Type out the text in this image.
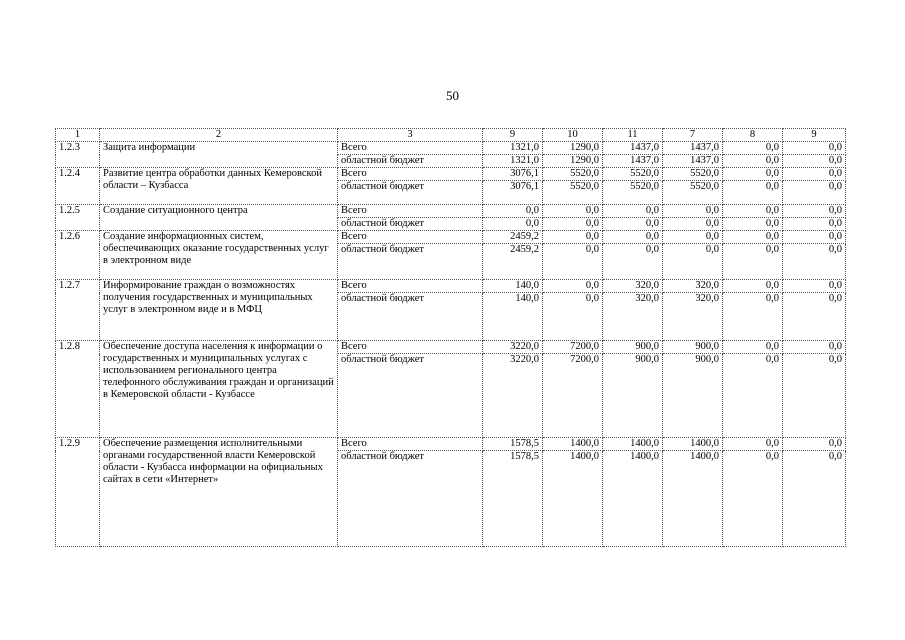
50
1	2	3	9	10	11	7	8	9
1.2.3	Защита информации	Всего	1321,0	1290,0	1437,0	1437,0	0,0	0,0
		областной бюджет	1321,0	1290,0	1437,0	1437,0	0,0	0,0
1.2.4	Развитие центра обработки данных Кемеровской области – Кузбасса	Всего	3076,1	5520,0	5520,0	5520,0	0,0	0,0
		областной бюджет	3076,1	5520,0	5520,0	5520,0	0,0	0,0
1.2.5	Создание ситуационного центра	Всего	0,0	0,0	0,0	0,0	0,0	0,0
		областной бюджет	0,0	0,0	0,0	0,0	0,0	0,0
1.2.6	Создание информационных систем, обеспечивающих оказание государственных услуг в электронном виде	Всего	2459,2	0,0	0,0	0,0	0,0	0,0
		областной бюджет	2459,2	0,0	0,0	0,0	0,0	0,0
1.2.7	Информирование граждан о возможностях получения государственных и муниципальных услуг в электронном виде и в МФЦ	Всего	140,0	0,0	320,0	320,0	0,0	0,0
		областной бюджет	140,0	0,0	320,0	320,0	0,0	0,0
1.2.8	Обеспечение доступа населения к информации о государственных и муниципальных услугах с использованием регионального центра телефонного обслуживания граждан и организаций в Кемеровской области - Кузбассе	Всего	3220,0	7200,0	900,0	900,0	0,0	0,0
		областной бюджет	3220,0	7200,0	900,0	900,0	0,0	0,0
1.2.9	Обеспечение размещения исполнительными органами государственной власти Кемеровской области - Кузбасса информации на официальных сайтах в сети «Интернет»	Всего	1578,5	1400,0	1400,0	1400,0	0,0	0,0
		областной бюджет	1578,5	1400,0	1400,0	1400,0	0,0	0,0
